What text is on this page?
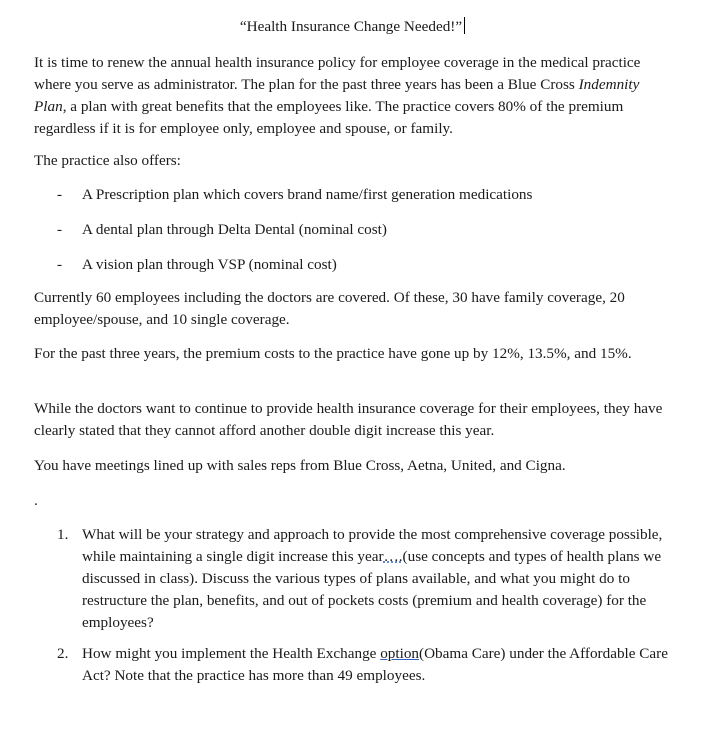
“Health Insurance Change Needed!”

It is time to renew the annual health insurance policy for employee coverage in the medical practice where you serve as administrator. The plan for the past three years has been a Blue Cross Indemnity Plan, a plan with great benefits that the employees like. The practice covers 80% of the premium regardless if it is for employee only, employee and spouse, or family.

The practice also offers:

- A Prescription plan which covers brand name/first generation medications
- A dental plan through Delta Dental (nominal cost)
- A vision plan through VSP (nominal cost)

Currently 60 employees including the doctors are covered. Of these, 30 have family coverage, 20 employee/spouse, and 10 single coverage.

For the past three years, the premium costs to the practice have gone up by 12%, 13.5%, and 15%.

While the doctors want to continue to provide health insurance coverage for their employees, they have clearly stated that they cannot afford another double digit increase this year.

You have meetings lined up with sales reps from Blue Cross, Aetna, United, and Cigna.

.

1. What will be your strategy and approach to provide the most comprehensive coverage possible, while maintaining a single digit increase this year….(use concepts and types of health plans we discussed in class). Discuss the various types of plans available, and what you might do to restructure the plan, benefits, and out of pockets costs (premium and health coverage) for the employees?
2. How might you implement the Health Exchange option(Obama Care) under the Affordable Care Act? Note that the practice has more than 49 employees.
